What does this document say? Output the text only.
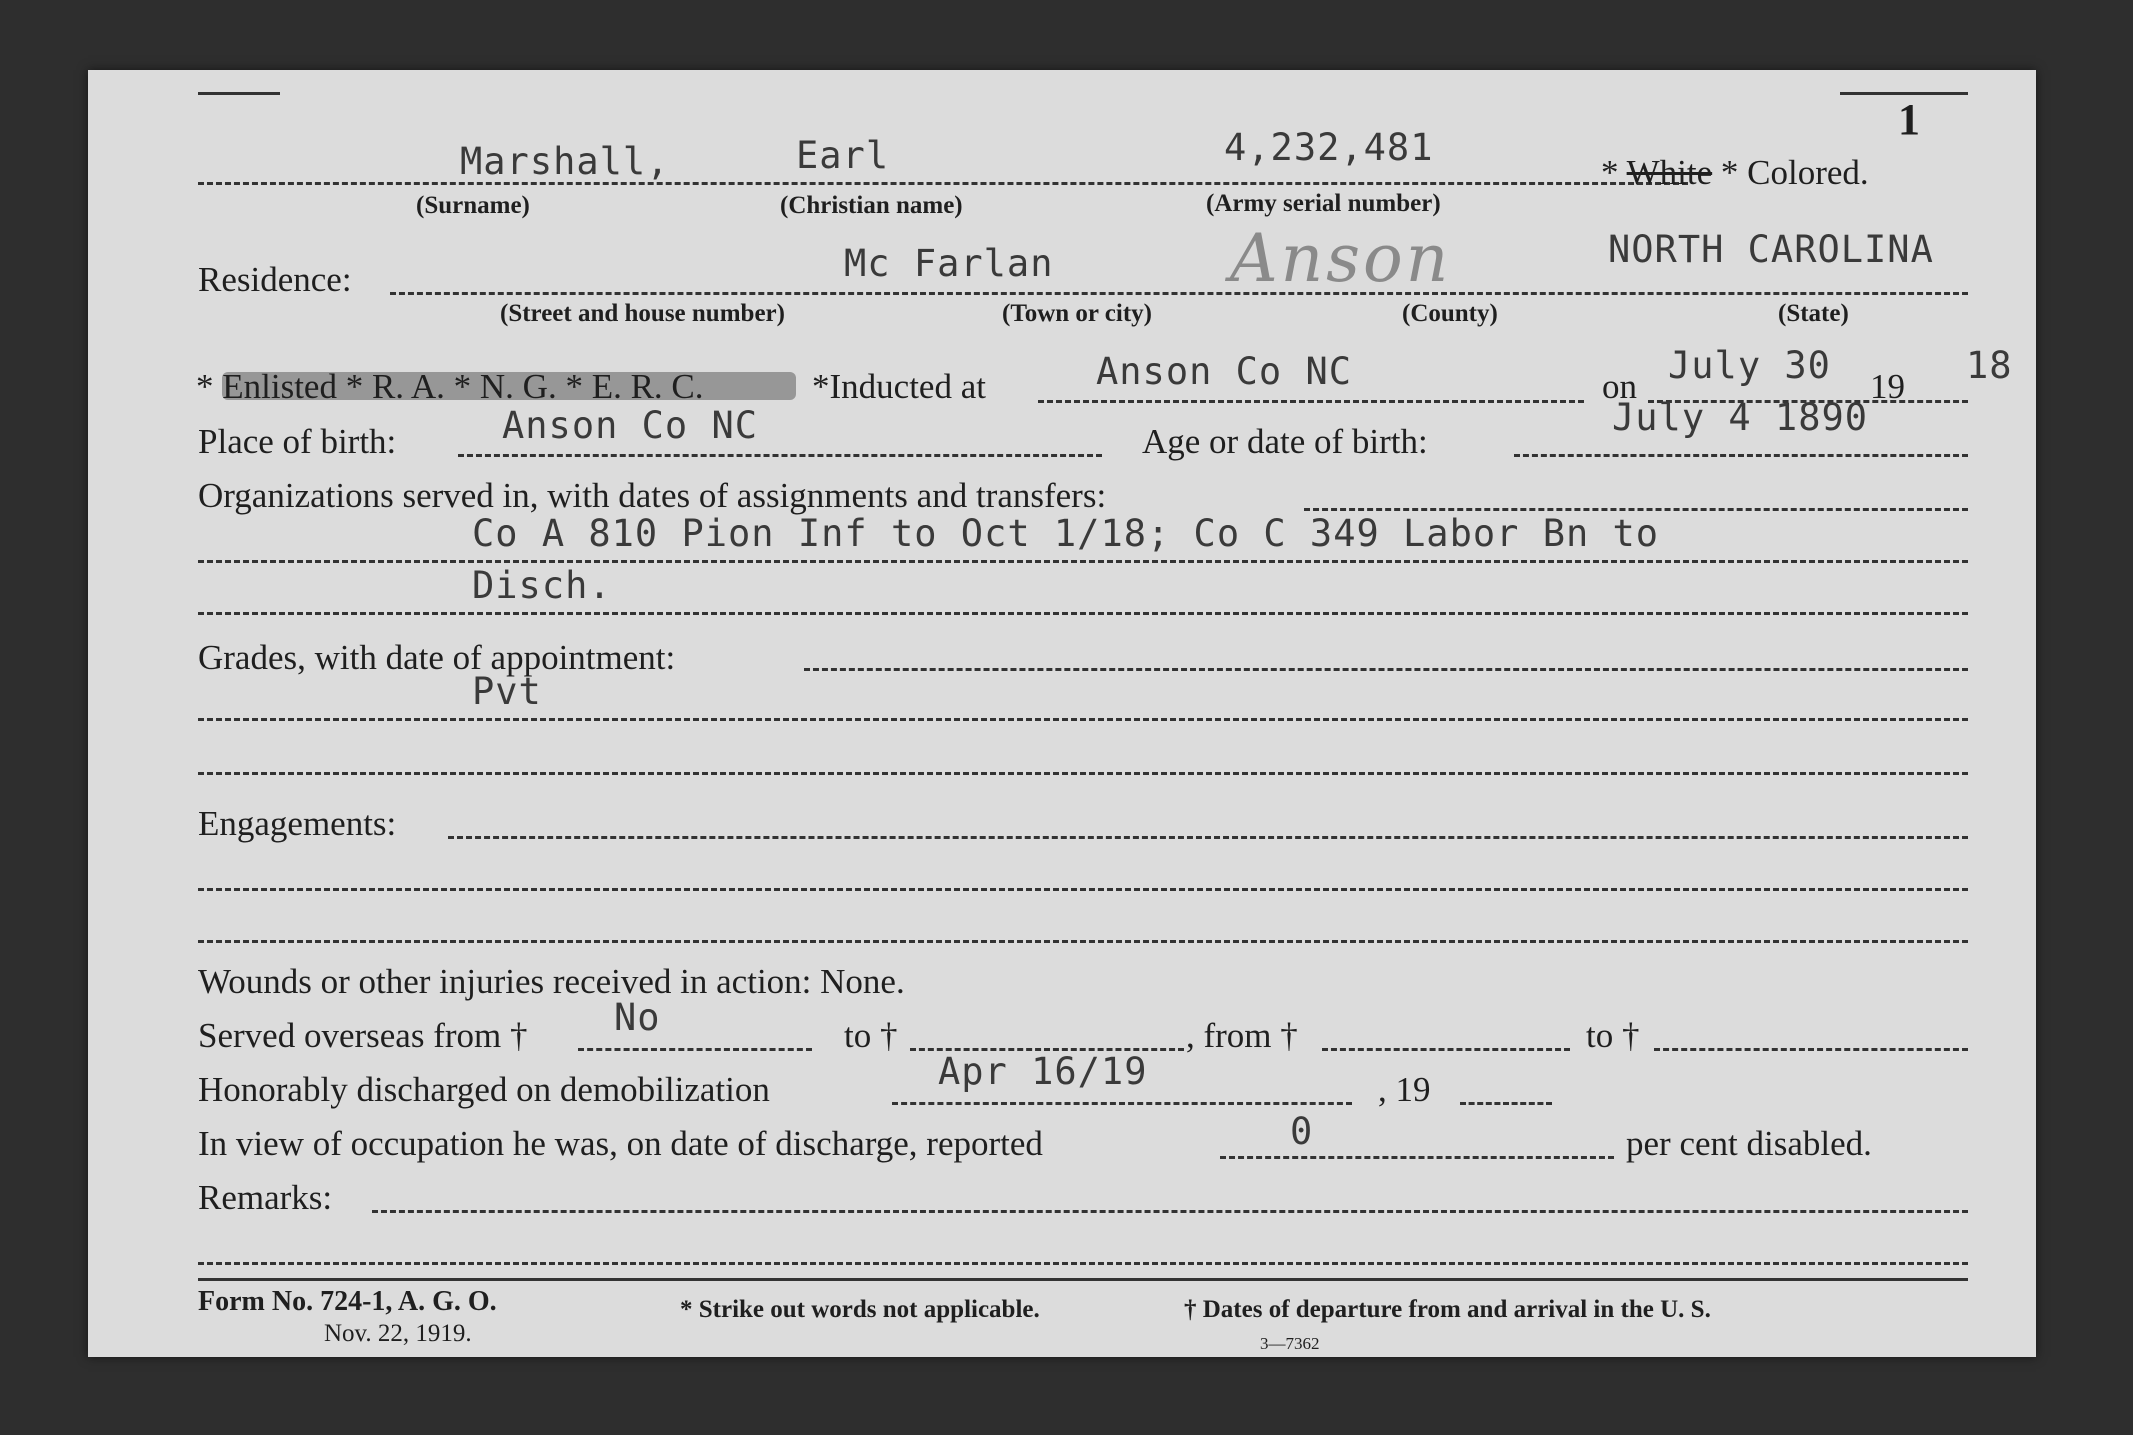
1
Marshall,	Earl	4,232,481
* White * Colored.
(Surname)	(Christian name)	(Army serial number)
Residence:	Mc Farlan	Anson	NORTH CAROLINA
(Street and house number)	(Town or city)	(County)	(State)
* Enlisted * R. A. * N. G. * E. R. C.	*Inducted at	Anson Co NC	on July 30 19 18
Place of birth:	Anson Co NC	Age or date of birth:
July 4 1890
Organizations served in, with dates of assignments and transfers:
Co A 810 Pion Inf to Oct 1/18; Co C 349 Labor Bn to
Disch.
Grades, with date of appointment:
Pvt
Engagements:
Wounds or other injuries received in action: None.
Served overseas from † No	to †	, from †	to †
Honorably discharged on demobilization	Apr 16/19	, 19
In view of occupation he was, on date of discharge, reported	0	per cent disabled.
Remarks:
Form No. 724-1, A. G. O.
Nov. 22, 1919.
* Strike out words not applicable.	† Dates of departure from and arrival in the U. S.
3—7362
